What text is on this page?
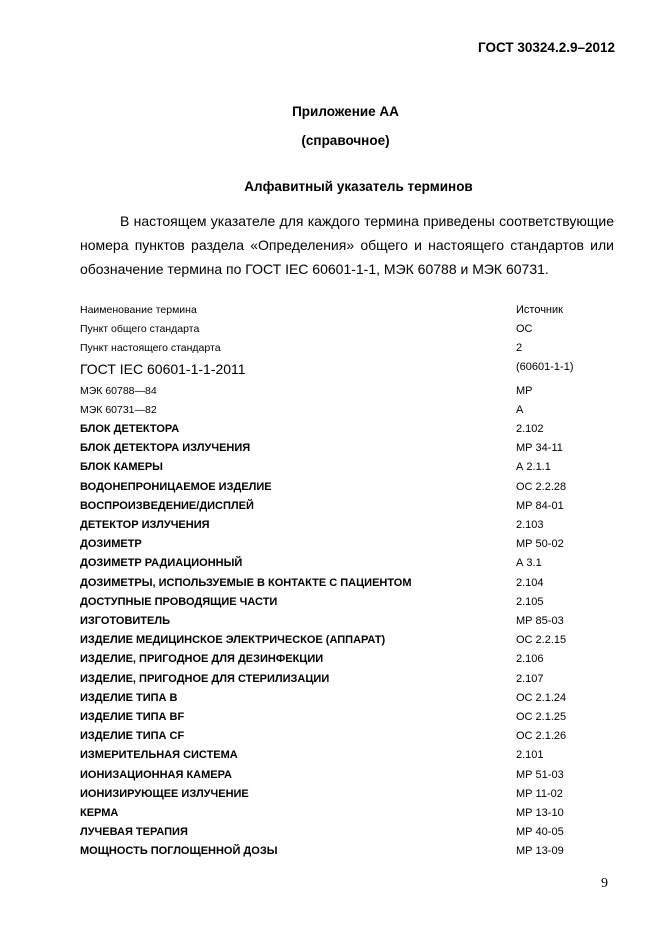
ГОСТ 30324.2.9–2012
Приложение АА
(справочное)
Алфавитный указатель терминов
В настоящем указателе для каждого термина приведены соответствующие номера пунктов раздела «Определения» общего и настоящего стандартов или обозначение термина по ГОСТ IEC 60601-1-1, МЭК 60788 и МЭК 60731.
Наименование термина	Источник
Пункт общего стандарта	ОС
Пункт настоящего стандарта	2
ГОСТ IEC 60601-1-1-2011	(60601-1-1)
МЭК 60788—84	МР
МЭК 60731—82	А
БЛОК ДЕТЕКТОРА	2.102
БЛОК ДЕТЕКТОРА ИЗЛУЧЕНИЯ	МР 34-11
БЛОК КАМЕРЫ	А 2.1.1
ВОДОНЕПРОНИЦАЕМОЕ ИЗДЕЛИЕ	ОС 2.2.28
ВОСПРОИЗВЕДЕНИЕ/ДИСПЛЕЙ	МР 84-01
ДЕТЕКТОР ИЗЛУЧЕНИЯ	2.103
ДОЗИМЕТР	МР 50-02
ДОЗИМЕТР РАДИАЦИОННЫЙ	А 3.1
ДОЗИМЕТРЫ, ИСПОЛЬЗУЕМЫЕ В КОНТАКТЕ С ПАЦИЕНТОМ	2.104
ДОСТУПНЫЕ ПРОВОДЯЩИЕ ЧАСТИ	2.105
ИЗГОТОВИТЕЛЬ	МР 85-03
ИЗДЕЛИЕ МЕДИЦИНСКОЕ ЭЛЕКТРИЧЕСКОЕ (АППАРАТ)	ОС 2.2.15
ИЗДЕЛИЕ, ПРИГОДНОЕ ДЛЯ ДЕЗИНФЕКЦИИ	2.106
ИЗДЕЛИЕ, ПРИГОДНОЕ ДЛЯ СТЕРИЛИЗАЦИИ	2.107
ИЗДЕЛИЕ ТИПА В	ОС 2.1.24
ИЗДЕЛИЕ ТИПА BF	ОС 2.1.25
ИЗДЕЛИЕ ТИПА CF	ОС 2.1.26
ИЗМЕРИТЕЛЬНАЯ СИСТЕМА	2.101
ИОНИЗАЦИОННАЯ КАМЕРА	МР 51-03
ИОНИЗИРУЮЩЕЕ ИЗЛУЧЕНИЕ	МР 11-02
КЕРМА	МР 13-10
ЛУЧЕВАЯ ТЕРАПИЯ	МР 40-05
МОЩНОСТЬ ПОГЛОЩЕННОЙ ДОЗЫ	МР 13-09
9
